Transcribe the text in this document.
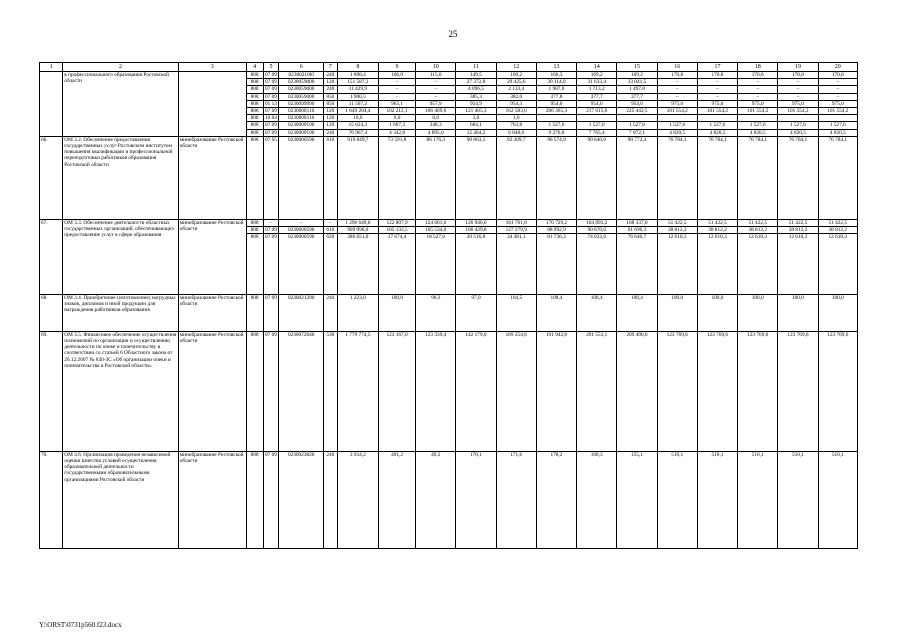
25
1	2	3	4	5	6	7	8	9	10	11	12	13	14	15	16	17	18	19	20
	в профессионального образования Ростовской области		808	07 09	02300210l0	240	1 898,4	106,0	115,0	149,5	169,2	166,3	169,2	169,2	170,8	170,8	170,8	170,8	170,8
			808	07 09	0230059000	120	151 587,3	–	–	27 372,8	29 425,6	30 114,0	31 633,4	33 041,5	–	–	–	–	–
			808	07 09	0230059000	240	11 429,9	–	–	4 096,5	2 133,4	1 987,0	1 713,2	1 497,8	–	–	–	–	–
			808	07 09	0230059000	850	1 900,5	–	–	385,3	382,0	377,8	377,7	377,7	–	–	–	–	–
			808	01 13	0230099990	850	11 567,2	963,1	957,9	954,9	954,3	954,0	954,0	954,0	975,0	975,0	975,0	975,0	975,0
			808	07 09	0230000110	120	1 649 204,4	102 212,1	106 409,6	121 405,3	162 583,0	206 365,3	217 015,6	225 442,5	101 554,2	101 554,2	101 554,2	101 554,2	101 554,2
			808	10 04	0230000110	120	16,0	6,0	6,0	3,0	1,0								
			808	07 09	0230000190	120	15 624,3	1 607,3	348,3	684,1	763,8	1 527,6	1 527,6	1 527,6	1 527,6	1 527,6	1 527,6	1 527,6	1 527,6
			808	07 09	0230000190	240	76 967,4	4 342,8	4 895,0	12 464,2	6 048,6	9 276,8	7 765,4	7 872,1	4 820,5	4 820,5	4 820,5	4 820,5	4 820,5
66.	ОМ 3.2. Обеспечение предоставления государственных услуг Ростовским институтом повышения квалификации и профессиональной переподготовки работников образования Ростовской области	минобразование Ростовской области	808	07 05	0230000590	610	919 849,7	73 591,8	86 176,3	90 863,5	92 309,7	90 574,9	90 640,6	90 772,4	76 784,1	76 784,1	76 784,1	76 784,1	76 784,1
67.	ОМ 3.3. Обеспечение деятельности областных государственных организаций, обеспечивающих предоставление услуг в сфере образования	минобразование Ростовской области	808	–	–	–	1 296 649,0	122 807,9	124 061,6	126 946,6	161 761,0	170 729,2	164 893,2	168 337,0	51 422,5	51 422,5	51 422,5	51 422,5	51 422,5
			808	07 09	0230000590	610	909 998,0	105 133,5	105 534,0	106 429,8	127 279,9	88 992,9	90 870,6	91 696,3	38 812,2	38 812,2	38 812,2	38 812,2	38 812,2
			808	07 09	0230000590	620	386 651,0	17 674,4	18 527,6	20 516,8	34 481,1	81 736,3	74 022,6	76 640,7	12 610,3	12 610,3	12 610,3	12 610,3	12 610,3
68.	ОМ 3.4. Приобретение (изготовление) нагрудных знаков, дипломов и иной продукции для награждения работников образования	минобразование Ростовской области	808	07 09	0230021290	240	1 223,0	100,0	96,3	97,0	104,5	108,4	108,4	108,4	100,0	100,0	100,0	100,0	100,0
69.	ОМ 3.5. Финансовое обеспечение осуществления полномочий по организации и осуществлению деятельности по опеке и попечительству в соответствии со статьей 6 Областного закона от 26.12.2007 № 830-ЗС «Об организации опеки и попечительства в Ростовской области»	минобразование Ростовской области	808	07 09	0230072040	530	1 779 774,5	123 167,0	123 339,4	142 179,0	169 254,6	191 942,8	201 553,1	209 490,6	123 769,6	123 769,6	123 769,6	123 769,6	123 769,6
70.	ОМ 3.6. Организация проведения независимой оценки качества условий осуществления образовательной деятельности государственными образовательными организациями Ростовской области	минобразование Ростовской области	808	07 09	0230023820	240	3 934,2	491,2	49,2	170,1	171,6	178,2	168,3	155,1	510,1	510,1	510,1	510,1	510,1
Y:\ORST\0731p560.f23.docx
